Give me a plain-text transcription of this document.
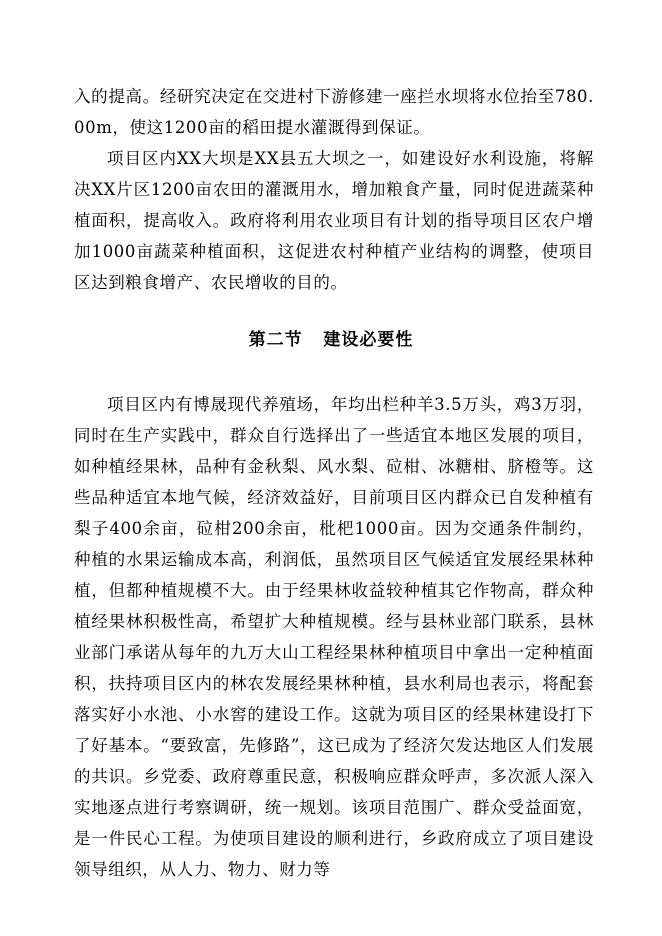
入的提高。经研究决定在交进村下游修建一座拦水坝将水位抬至780.00m，使这1200亩的稻田提水灌溉得到保证。

项目区内XX大坝是XX县五大坝之一，如建设好水利设施，将解决XX片区1200亩农田的灌溉用水，增加粮食产量，同时促进蔬菜种植面积，提高收入。政府将利用农业项目有计划的指导项目区农户增加1000亩蔬菜种植面积，这促进农村种植产业结构的调整，使项目区达到粮食增产、农民增收的目的。

第二节 建设必要性

项目区内有博晟现代养殖场，年均出栏种羊3.5万头，鸡3万羽，同时在生产实践中，群众自行选择出了一些适宜本地区发展的项目，如种植经果林，品种有金秋梨、风水梨、砬柑、冰糖柑、脐橙等。这些品种适宜本地气候，经济效益好，目前项目区内群众已自发种植有梨子400余亩，砬柑200余亩，枇杷1000亩。因为交通条件制约，种植的水果运输成本高，利润低，虽然项目区气候适宜发展经果林种植，但都种植规模不大。由于经果林收益较种植其它作物高，群众种植经果林积极性高，希望扩大种植规模。经与县林业部门联系，县林业部门承诺从每年的九万大山工程经果林种植项目中拿出一定种植面积，扶持项目区内的林农发展经果林种植，县水利局也表示，将配套落实好小水池、小水窖的建设工作。这就为项目区的经果林建设打下了好基本。“要致富，先修路”，这已成为了经济欠发达地区人们发展的共识。乡党委、政府尊重民意，积极响应群众呼声，多次派人深入实地逐点进行考察调研，统一规划。该项目范围广、群众受益面宽，是一件民心工程。为使项目建设的顺利进行，乡政府成立了项目建设领导组织，从人力、物力、财力等
